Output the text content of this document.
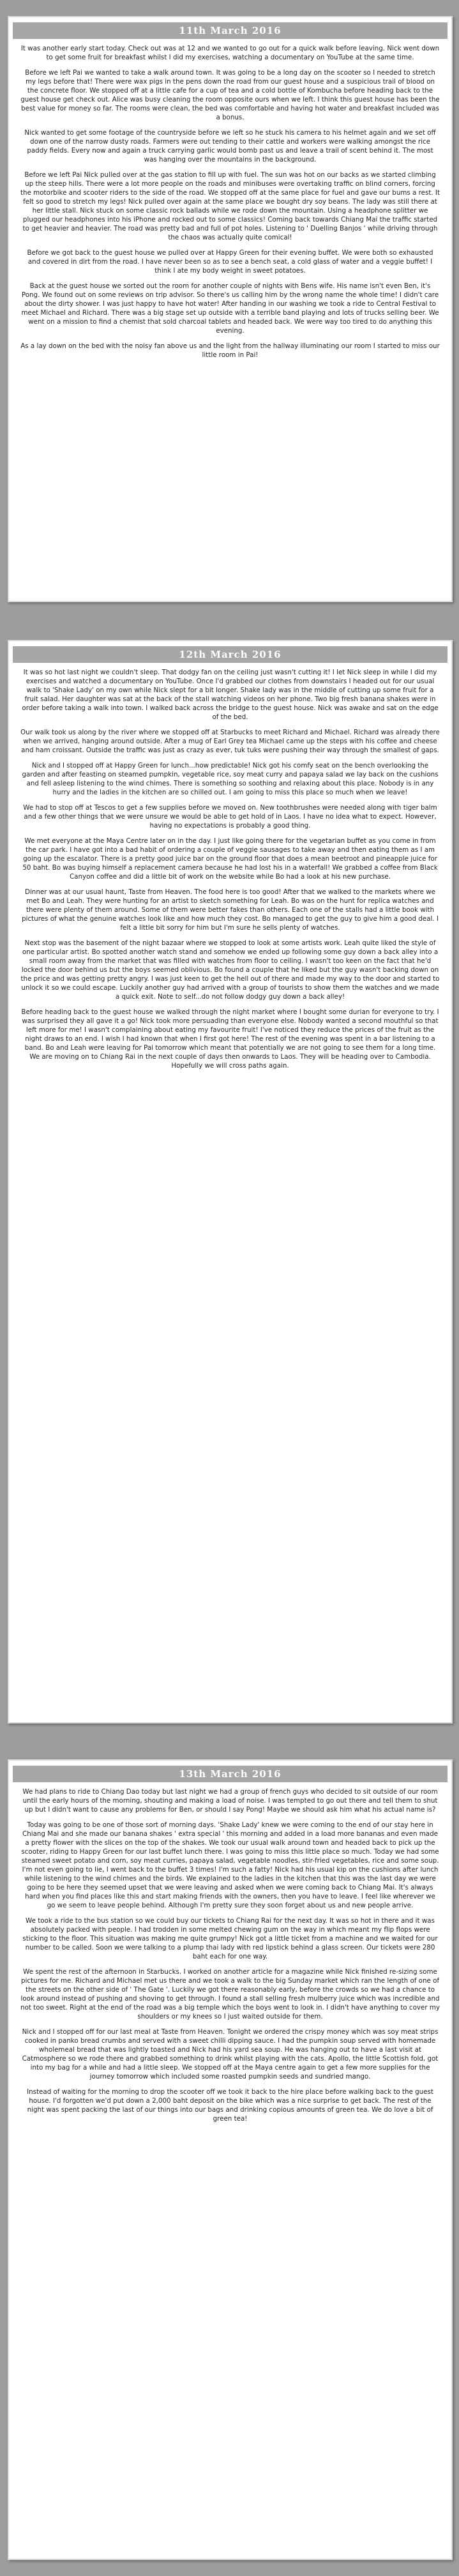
11th March 2016

It was another early start today. Check out was at 12 and we wanted to go out for a quick walk before leaving. Nick went down to get some fruit for breakfast whilst I did my exercises, watching a documentary on YouTube at the same time.

Before we left Pai we wanted to take a walk around town. It was going to be a long day on the scooter so I needed to stretch my legs before that! There were wax pigs in the pens down the road from our guest house and a suspicious trail of blood on the concrete floor. We stopped off at a little cafe for a cup of tea and a cold bottle of Kombucha before heading back to the guest house get check out. Alice was busy cleaning the room opposite ours when we left. I think this guest house has been the best value for money so far. The rooms were clean, the bed was comfortable and having hot water and breakfast included was a bonus.

Nick wanted to get some footage of the countryside before we left so he stuck his camera to his helmet again and we set off down one of the narrow dusty roads. Farmers were out tending to their cattle and workers were walking amongst the rice paddy fields. Every now and again a truck carrying garlic would bomb past us and leave a trail of scent behind it. The most was hanging over the mountains in the background.

Before we left Pai Nick pulled over at the gas station to fill up with fuel. The sun was hot on our backs as we started climbing up the steep hills. There were a lot more people on the roads and minibuses were overtaking traffic on blind corners, forcing the motorbike and scooter riders to the side of the road. We stopped off at the same place for fuel and gave our bums a rest. It felt so good to stretch my legs! Nick pulled over again at the same place we bought dry soy beans. The lady was still there at her little stall. Nick stuck on some classic rock ballads while we rode down the mountain. Using a headphone splitter we plugged our headphones into his iPhone and rocked out to some classics! Coming back towards Chiang Mai the traffic started to get heavier and heavier. The road was pretty bad and full of pot holes. Listening to ' Duelling Banjos ' while driving through the chaos was actually quite comical!

Before we got back to the guest house we pulled over at Happy Green for their evening buffet. We were both so exhausted and covered in dirt from the road. I have never been so as to see a bench seat, a cold glass of water and a veggie buffet! I think I ate my body weight in sweet potatoes.

Back at the guest house we sorted out the room for another couple of nights with Bens wife. His name isn't even Ben, it's Pong. We found out on some reviews on trip advisor. So there's us calling him by the wrong name the whole time! I didn't care about the dirty shower. I was just happy to have hot water! After handing in our washing we took a ride to Central Festival to meet Michael and Richard. There was a big stage set up outside with a terrible band playing and lots of trucks selling beer. We went on a mission to find a chemist that sold charcoal tablets and headed back. We were way too tired to do anything this evening.

As a lay down on the bed with the noisy fan above us and the light from the hallway illuminating our room I started to miss our little room in Pai!

12th March 2016

It was so hot last night we couldn't sleep. That dodgy fan on the ceiling just wasn't cutting it! I let Nick sleep in while I did my exercises and watched a documentary on YouTube. Once I'd grabbed our clothes from downstairs I headed out for our usual walk to 'Shake Lady' on my own while Nick slept for a bit longer. Shake lady was in the middle of cutting up some fruit for a fruit salad. Her daughter was sat at the back of the stall watching videos on her phone. Two big fresh banana shakes were in order before taking a walk into town. I walked back across the bridge to the guest house. Nick was awake and sat on the edge of the bed.

Our walk took us along by the river where we stopped off at Starbucks to meet Richard and Michael. Richard was already there when we arrived, hanging around outside. After a mug of Earl Grey tea Michael came up the steps with his coffee and cheese and ham croissant. Outside the traffic was just as crazy as ever, tuk tuks were pushing their way through the smallest of gaps.

Nick and I stopped off at Happy Green for lunch...how predictable! Nick got his comfy seat on the bench overlooking the garden and after feasting on steamed pumpkin, vegetable rice, soy meat curry and papaya salad we lay back on the cushions and fell asleep listening to the wind chimes. There is something so soothing and relaxing about this place. Nobody is in any hurry and the ladies in the kitchen are so chilled out. I am going to miss this place so much when we leave!

We had to stop off at Tescos to get a few supplies before we moved on. New toothbrushes were needed along with tiger balm and a few other things that we were unsure we would be able to get hold of in Laos. I have no idea what to expect. However, having no expectations is probably a good thing.

We met everyone at the Maya Centre later on in the day. I just like going there for the vegetarian buffet as you come in from the car park. I have got into a bad habit of ordering a couple of veggie sausages to take away and then eating them as I am going up the escalator. There is a pretty good juice bar on the ground floor that does a mean beetroot and pineapple juice for 50 baht. Bo was buying himself a replacement camera because he had lost his in a waterfall! We grabbed a coffee from Black Canyon coffee and did a little bit of work on the website while Bo had a look at his new purchase.

Dinner was at our usual haunt, Taste from Heaven. The food here is too good! After that we walked to the markets where we met Bo and Leah. They were hunting for an artist to sketch something for Leah. Bo was on the hunt for replica watches and there were plenty of them around. Some of them were better fakes than others. Each one of the stalls had a little book with pictures of what the genuine watches look like and how much they cost. Bo managed to get the guy to give him a good deal. I felt a little bit sorry for him but I'm sure he sells plenty of watches.

Next stop was the basement of the night bazaar where we stopped to look at some artists work. Leah quite liked the style of one particular artist. Bo spotted another watch stand and somehow we ended up following some guy down a back alley into a small room away from the market that was filled with watches from floor to ceiling. I wasn't too keen on the fact that he'd locked the door behind us but the boys seemed oblivious. Bo found a couple that he liked but the guy wasn't backing down on the price and was getting pretty angry. I was just keen to get the hell out of there and made my way to the door and started to unlock it so we could escape. Luckily another guy had arrived with a group of tourists to show them the watches and we made a quick exit. Note to self...do not follow dodgy guy down a back alley!

Before heading back to the guest house we walked through the night market where I bought some durian for everyone to try. I was surprised they all gave it a go! Nick took more persuading than everyone else. Nobody wanted a second mouthful so that left more for me! I wasn't complaining about eating my favourite fruit! I've noticed they reduce the prices of the fruit as the night draws to an end. I wish I had known that when I first got here! The rest of the evening was spent in a bar listening to a band. Bo and Leah were leaving for Pai tomorrow which meant that potentially we are not going to see them for a long time. We are moving on to Chiang Rai in the next couple of days then onwards to Laos. They will be heading over to Cambodia. Hopefully we will cross paths again.

13th March 2016

We had plans to ride to Chiang Dao today but last night we had a group of french guys who decided to sit outside of our room until the early hours of the morning, shouting and making a load of noise. I was tempted to go out there and tell them to shut up but I didn't want to cause any problems for Ben, or should I say Pong! Maybe we should ask him what his actual name is?

Today was going to be one of those sort of morning days. 'Shake Lady' knew we were coming to the end of our stay here in Chiang Mai and she made our banana shakes ' extra special ' this morning and added in a load more bananas and even made a pretty flower with the slices on the top of the shakes. We took our usual walk around town and headed back to pick up the scooter, riding to Happy Green for our last buffet lunch there. I was going to miss this little place so much. Today we had some steamed sweet potato and corn, soy meat curries, papaya salad, vegetable noodles, stir-fried vegetables, rice and some soup. I'm not even going to lie, I went back to the buffet 3 times! I'm such a fatty! Nick had his usual kip on the cushions after lunch while listening to the wind chimes and the birds. We explained to the ladies in the kitchen that this was the last day we were going to be here they seemed upset that we were leaving and asked when we were coming back to Chiang Mai. It's always hard when you find places like this and start making friends with the owners, then you have to leave. I feel like wherever we go we seem to leave people behind. Although I'm pretty sure they soon forget about us and new people arrive.

We took a ride to the bus station so we could buy our tickets to Chiang Rai for the next day. It was so hot in there and it was absolutely packed with people. I had trodden in some melted chewing gum on the way in which meant my flip flops were sticking to the floor. This situation was making me quite grumpy! Nick got a little ticket from a machine and we waited for our number to be called. Soon we were talking to a plump thai lady with red lipstick behind a glass screen. Our tickets were 280 baht each for one way.

We spent the rest of the afternoon in Starbucks. I worked on another article for a magazine while Nick finished re-sizing some pictures for me. Richard and Michael met us there and we took a walk to the big Sunday market which ran the length of one of the streets on the other side of ' The Gate '. Luckily we got there reasonably early, before the crowds so we had a chance to look around instead of pushing and shoving to get through. I found a stall selling fresh mulberry juice which was incredible and not too sweet. Right at the end of the road was a big temple which the boys went to look in. I didn't have anything to cover my shoulders or my knees so I just waited outside for them.

Nick and I stopped off for our last meal at Taste from Heaven. Tonight we ordered the crispy money which was soy meat strips cooked in panko bread crumbs and served with a sweet chilli dipping sauce. I had the pumpkin soup served with homemade wholemeal bread that was lightly toasted and Nick had his yard sea soup. He was hanging out to have a last visit at Catmosphere so we rode there and grabbed something to drink whilst playing with the cats. Apollo, the little Scottish fold, got into my bag for a while and had a little sleep. We stopped off at the Maya centre again to get a few more supplies for the journey tomorrow which included some roasted pumpkin seeds and sundried mango.

Instead of waiting for the morning to drop the scooter off we took it back to the hire place before walking back to the guest house. I'd forgotten we'd put down a 2,000 baht deposit on the bike which was a nice surprise to get back. The rest of the night was spent packing the last of our things into our bags and drinking copious amounts of green tea. We do love a bit of green tea!
